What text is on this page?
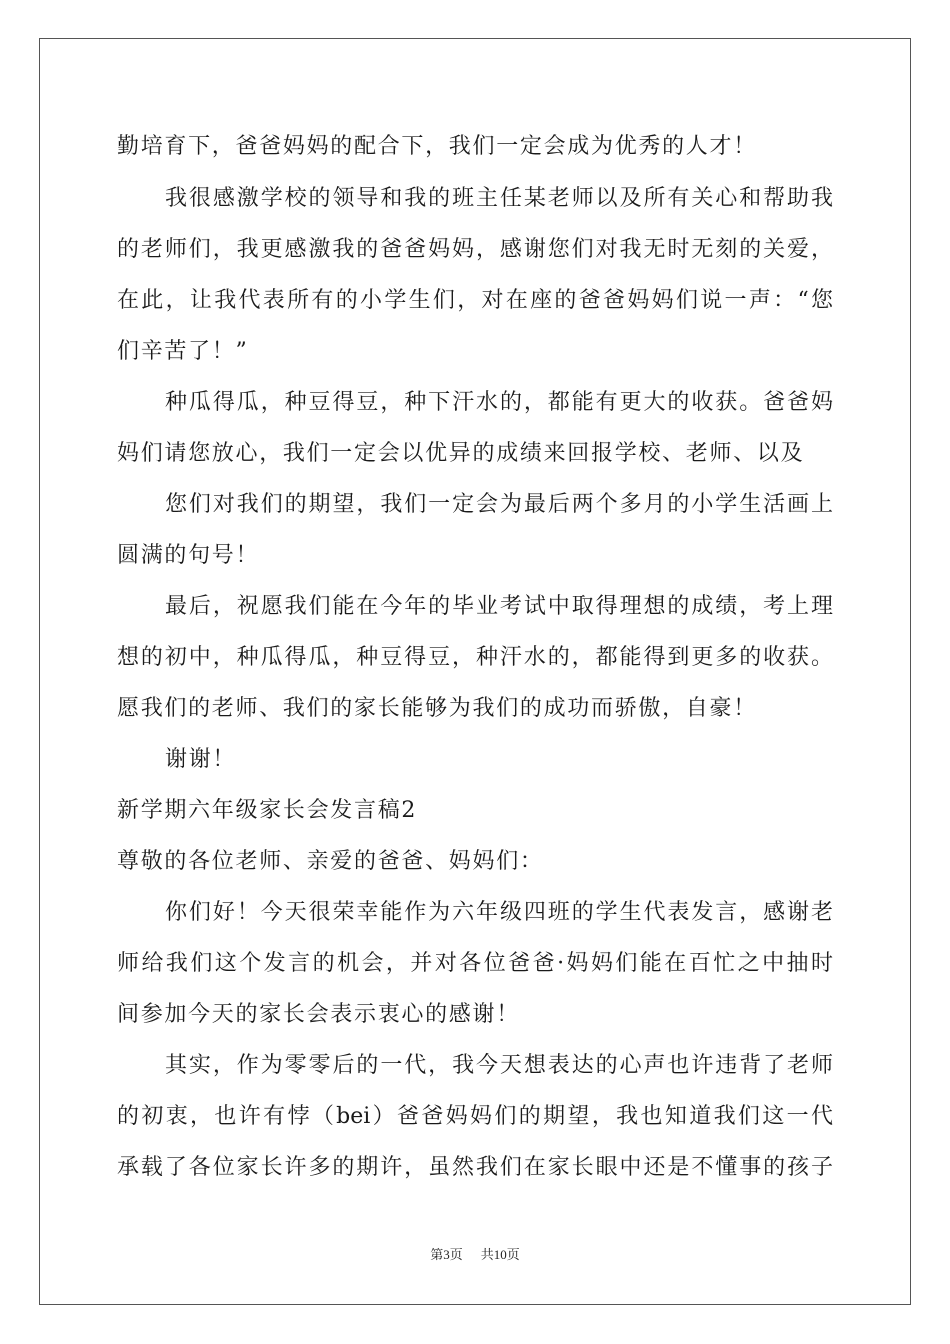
勤培育下，爸爸妈妈的配合下，我们一定会成为优秀的人才！
我很感激学校的领导和我的班主任某老师以及所有关心和帮助我
的老师们，我更感激我的爸爸妈妈，感谢您们对我无时无刻的关爱，
在此，让我代表所有的小学生们，对在座的爸爸妈妈们说一声：“您
们辛苦了！”
种瓜得瓜，种豆得豆，种下汗水的，都能有更大的收获。爸爸妈
妈们请您放心，我们一定会以优异的成绩来回报学校、老师、以及
您们对我们的期望，我们一定会为最后两个多月的小学生活画上
圆满的句号！
最后，祝愿我们能在今年的毕业考试中取得理想的成绩，考上理
想的初中，种瓜得瓜，种豆得豆，种汗水的，都能得到更多的收获。
愿我们的老师、我们的家长能够为我们的成功而骄傲，自豪！
谢谢！
新学期六年级家长会发言稿2
尊敬的各位老师、亲爱的爸爸、妈妈们：
你们好！今天很荣幸能作为六年级四班的学生代表发言，感谢老
师给我们这个发言的机会，并对各位爸爸·妈妈们能在百忙之中抽时
间参加今天的家长会表示衷心的感谢！
其实，作为零零后的一代，我今天想表达的心声也许违背了老师
的初衷，也许有悖（bei）爸爸妈妈们的期望，我也知道我们这一代
承载了各位家长许多的期许，虽然我们在家长眼中还是不懂事的孩子
第3页 共10页
